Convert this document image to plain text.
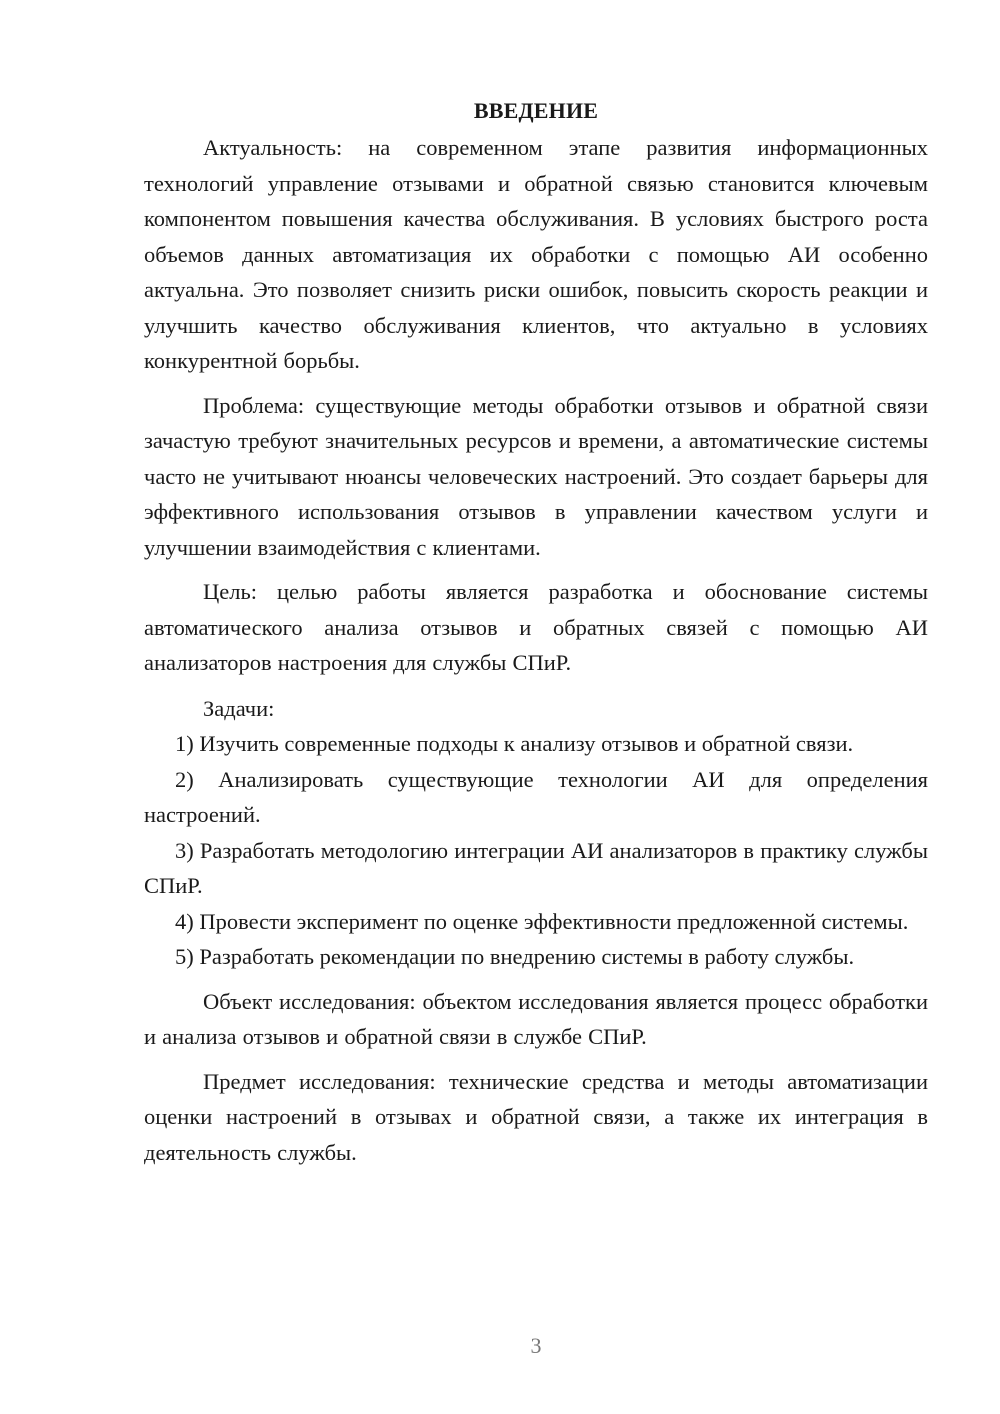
ВВЕДЕНИЕ

Актуальность: на современном этапе развития информационных технологий управление отзывами и обратной связью становится ключевым компонентом повышения качества обслуживания. В условиях быстрого роста объемов данных автоматизация их обработки с помощью АИ особенно актуальна. Это позволяет снизить риски ошибок, повысить скорость реакции и улучшить качество обслуживания клиентов, что актуально в условиях конкурентной борьбы.

Проблема: существующие методы обработки отзывов и обратной связи зачастую требуют значительных ресурсов и времени, а автоматические системы часто не учитывают нюансы человеческих настроений. Это создает барьеры для эффективного использования отзывов в управлении качеством услуги и улучшении взаимодействия с клиентами.

Цель: целью работы является разработка и обоснование системы автоматического анализа отзывов и обратных связей с помощью АИ анализаторов настроения для службы СПиР.

Задачи:

1) Изучить современные подходы к анализу отзывов и обратной связи.

2) Анализировать существующие технологии АИ для определения настроений.

3) Разработать методологию интеграции АИ анализаторов в практику службы СПиР.

4) Провести эксперимент по оценке эффективности предложенной системы.

5) Разработать рекомендации по внедрению системы в работу службы.

Объект исследования: объектом исследования является процесс обработки и анализа отзывов и обратной связи в службе СПиР.

Предмет исследования: технические средства и методы автоматизации оценки настроений в отзывах и обратной связи, а также их интеграция в деятельность службы.

3
